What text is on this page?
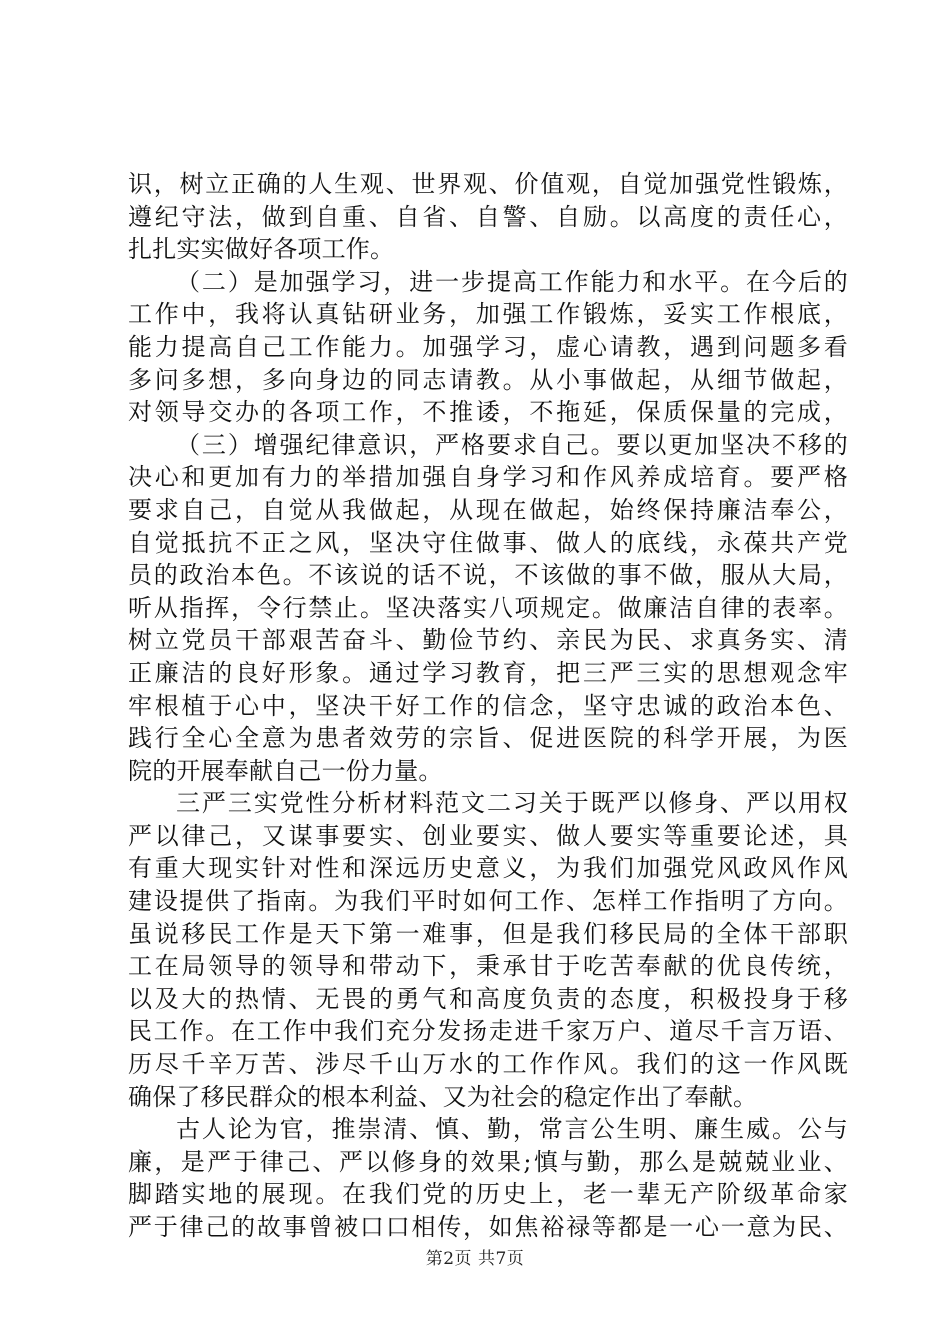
识，树立正确的人生观、世界观、价值观，自觉加强党性锻炼，
遵纪守法，做到自重、自省、自警、自励。以高度的责任心，
扎扎实实做好各项工作。
（二）是加强学习，进一步提高工作能力和水平。在今后的
工作中，我将认真钻研业务，加强工作锻炼，妥实工作根底，
能力提高自己工作能力。加强学习，虚心请教，遇到问题多看
多问多想，多向身边的同志请教。从小事做起，从细节做起，
对领导交办的各项工作，不推诿，不拖延，保质保量的完成，
（三）增强纪律意识，严格要求自己。要以更加坚决不移的
决心和更加有力的举措加强自身学习和作风养成培育。要严格
要求自己，自觉从我做起，从现在做起，始终保持廉洁奉公，
自觉抵抗不正之风，坚决守住做事、做人的底线，永葆共产党
员的政治本色。不该说的话不说，不该做的事不做，服从大局，
听从指挥，令行禁止。坚决落实八项规定。做廉洁自律的表率。
树立党员干部艰苦奋斗、勤俭节约、亲民为民、求真务实、清
正廉洁的良好形象。通过学习教育，把三严三实的思想观念牢
牢根植于心中，坚决干好工作的信念，坚守忠诚的政治本色、
践行全心全意为患者效劳的宗旨、促进医院的科学开展，为医
院的开展奉献自己一份力量。
三严三实党性分析材料范文二习关于既严以修身、严以用权
严以律己，又谋事要实、创业要实、做人要实等重要论述，具
有重大现实针对性和深远历史意义，为我们加强党风政风作风
建设提供了指南。为我们平时如何工作、怎样工作指明了方向。
虽说移民工作是天下第一难事，但是我们移民局的全体干部职
工在局领导的领导和带动下，秉承甘于吃苦奉献的优良传统，
以及大的热情、无畏的勇气和高度负责的态度，积极投身于移
民工作。在工作中我们充分发扬走进千家万户、道尽千言万语、
历尽千辛万苦、涉尽千山万水的工作作风。我们的这一作风既
确保了移民群众的根本利益、又为社会的稳定作出了奉献。
古人论为官，推崇清、慎、勤，常言公生明、廉生威。公与
廉，是严于律己、严以修身的效果;慎与勤，那么是兢兢业业、
脚踏实地的展现。在我们党的历史上，老一辈无产阶级革命家
严于律己的故事曾被口口相传，如焦裕禄等都是一心一意为民、
第2页 共7页
